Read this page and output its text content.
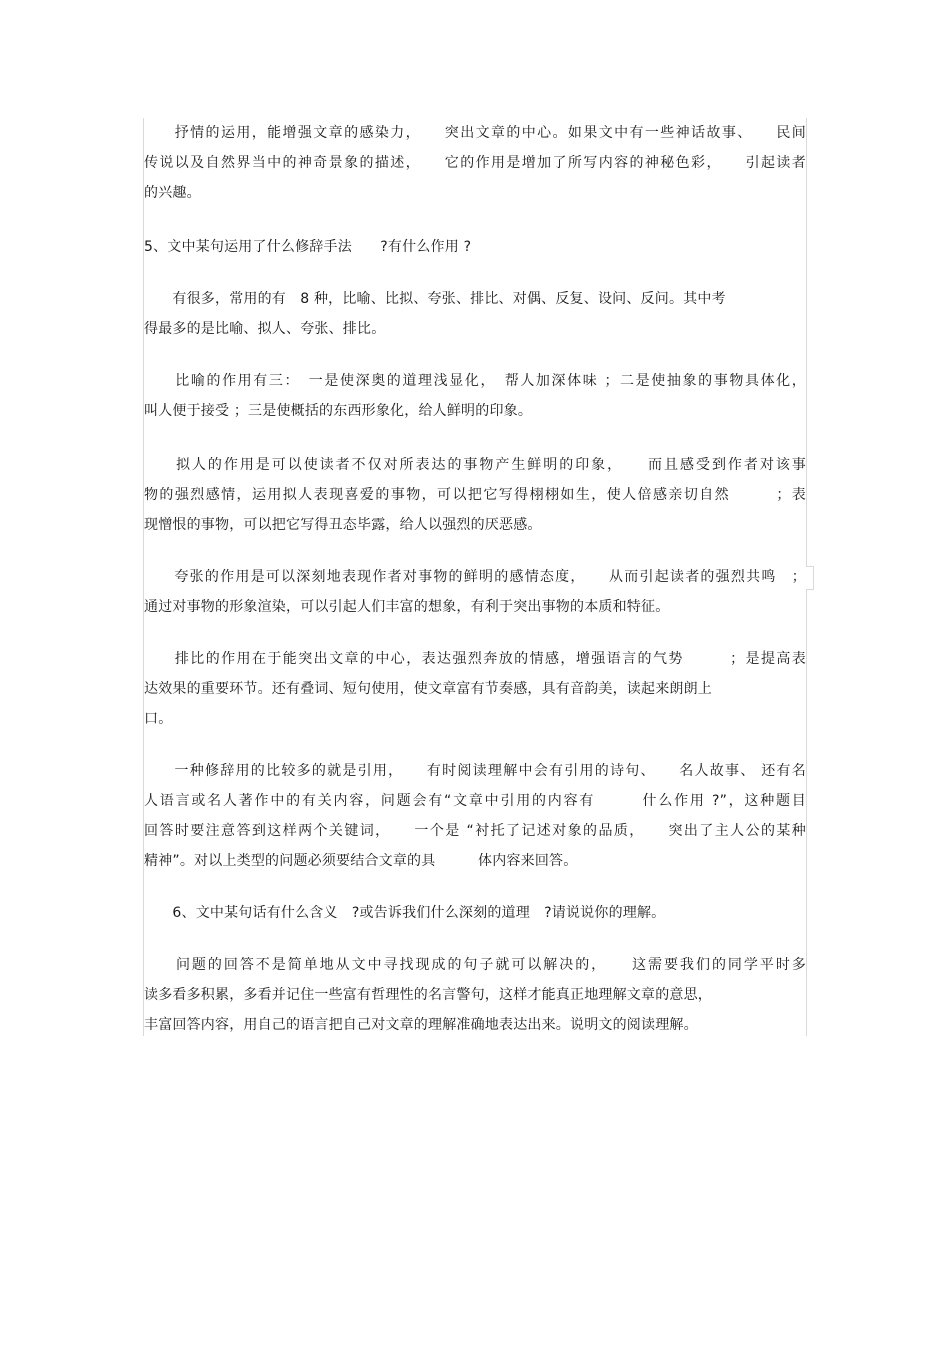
　　抒情的运用，能增强文章的感染力，　　突出文章的中心。如果文中有一些神话故事、　　民间
传说以及自然界当中的神奇景象的描述，　　它的作用是增加了所写内容的神秘色彩，　　引起读者
的兴趣。
5、文中某句运用了什么修辞手法　　?有什么作用 ?
　　有很多，常用的有　8 种，比喻、比拟、夸张、排比、对偶、反复、设问、反问。其中考
得最多的是比喻、拟人、夸张、排比。
　　比喻的作用有三：　一是使深奥的道理浅显化，　帮人加深体味 ；二是使抽象的事物具体化，
叫人便于接受 ；三是使概括的东西形象化，给人鲜明的印象。
　　拟人的作用是可以使读者不仅对所表达的事物产生鲜明的印象，　　而且感受到作者对该事
物的强烈感情，运用拟人表现喜爱的事物，可以把它写得栩栩如生，使人倍感亲切自然　　　；表
现憎恨的事物，可以把它写得丑态毕露，给人以强烈的厌恶感。
　　夸张的作用是可以深刻地表现作者对事物的鲜明的感情态度，　　从而引起读者的强烈共鸣　；
通过对事物的形象渲染，可以引起人们丰富的想象，有利于突出事物的本质和特征。
　　排比的作用在于能突出文章的中心，表达强烈奔放的情感，增强语言的气势　　　；是提高表
达效果的重要环节。还有叠词、短句使用，使文章富有节奏感，具有音韵美，读起来朗朗上
口。
　　一种修辞用的比较多的就是引用，　　有时阅读理解中会有引用的诗句、　　名人故事、 还有名
人语言或名人著作中的有关内容，问题会有“文章中引用的内容有　　　什么作用 ?”，这种题目
回答时要注意答到这样两个关键词，　　一个是 “衬托了记述对象的品质，　　突出了主人公的某种
精神”。对以上类型的问题必须要结合文章的具　　　体内容来回答。
　　6、文中某句话有什么含义　?或告诉我们什么深刻的道理　?请说说你的理解。
　　问题的回答不是简单地从文中寻找现成的句子就可以解决的，　　这需要我们的同学平时多
读多看多积累，多看并记住一些富有哲理性的名言警句，这样才能真正地理解文章的意思，
丰富回答内容，用自己的语言把自己对文章的理解准确地表达出来。说明文的阅读理解。
